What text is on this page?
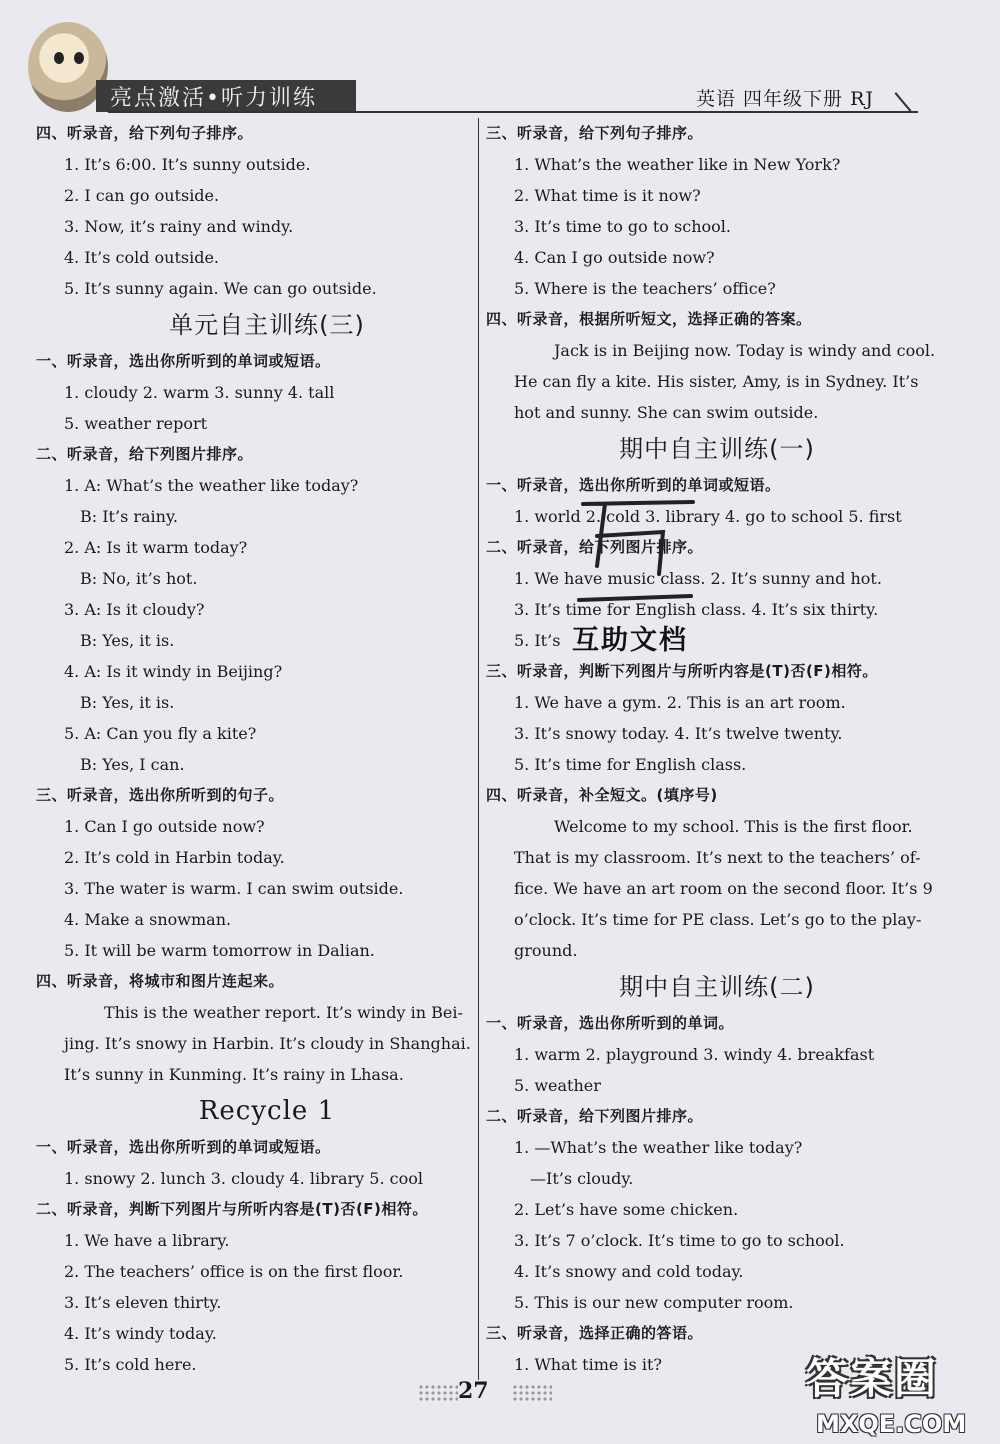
亮点激活•听力训练	英语 四年级下册 RJ
四、听录音，给下列句子排序。
1. It’s 6:00. It’s sunny outside.
2. I can go outside.
3. Now, it’s rainy and windy.
4. It’s cold outside.
5. It’s sunny again. We can go outside.
单元自主训练(三)
一、听录音，选出你所听到的单词或短语。
1. cloudy 2. warm 3. sunny 4. tall
5. weather report
二、听录音，给下列图片排序。
1. A: What’s the weather like today?
B: It’s rainy.
2. A: Is it warm today?
B: No, it’s hot.
3. A: Is it cloudy?
B: Yes, it is.
4. A: Is it windy in Beijing?
B: Yes, it is.
5. A: Can you fly a kite?
B: Yes, I can.
三、听录音，选出你所听到的句子。
1. Can I go outside now?
2. It’s cold in Harbin today.
3. The water is warm. I can swim outside.
4. Make a snowman.
5. It will be warm tomorrow in Dalian.
四、听录音，将城市和图片连起来。
This is the weather report. It’s windy in Bei-
jing. It’s snowy in Harbin. It’s cloudy in Shanghai.
It’s sunny in Kunming. It’s rainy in Lhasa.
Recycle 1
一、听录音，选出你所听到的单词或短语。
1. snowy 2. lunch 3. cloudy 4. library 5. cool
二、听录音，判断下列图片与所听内容是(T)否(F)相符。
1. We have a library.
2. The teachers’ office is on the first floor.
3. It’s eleven thirty.
4. It’s windy today.
5. It’s cold here.
三、听录音，给下列句子排序。
1. What’s the weather like in New York?
2. What time is it now?
3. It’s time to go to school.
4. Can I go outside now?
5. Where is the teachers’ office?
四、听录音，根据所听短文，选择正确的答案。
Jack is in Beijing now. Today is windy and cool.
He can fly a kite. His sister, Amy, is in Sydney. It’s
hot and sunny. She can swim outside.
期中自主训练(一)
一、听录音，选出你所听到的单词或短语。
1. world 2. cold 3. library 4. go to school 5. first
二、听录音，给下列图片排序。
1. We have music class. 2. It’s sunny and hot.
3. It’s time for English class. 4. It’s six thirty.
5. It’s
三、听录音，判断下列图片与所听内容是(T)否(F)相符。
1. We have a gym. 2. This is an art room.
3. It’s snowy today. 4. It’s twelve twenty.
5. It’s time for English class.
四、听录音，补全短文。(填序号)
Welcome to my school. This is the first floor.
That is my classroom. It’s next to the teachers’ of-
fice. We have an art room on the second floor. It’s 9
o’clock. It’s time for PE class. Let’s go to the play-
ground.
期中自主训练(二)
一、听录音，选出你所听到的单词。
1. warm 2. playground 3. windy 4. breakfast
5. weather
二、听录音，给下列图片排序。
1. —What’s the weather like today?
—It’s cloudy.
2. Let’s have some chicken.
3. It’s 7 o’clock. It’s time to go to school.
4. It’s snowy and cold today.
5. This is our new computer room.
三、听录音，选择正确的答语。
1. What time is it?
互助文档
27	答案圈
MXQE.COM
